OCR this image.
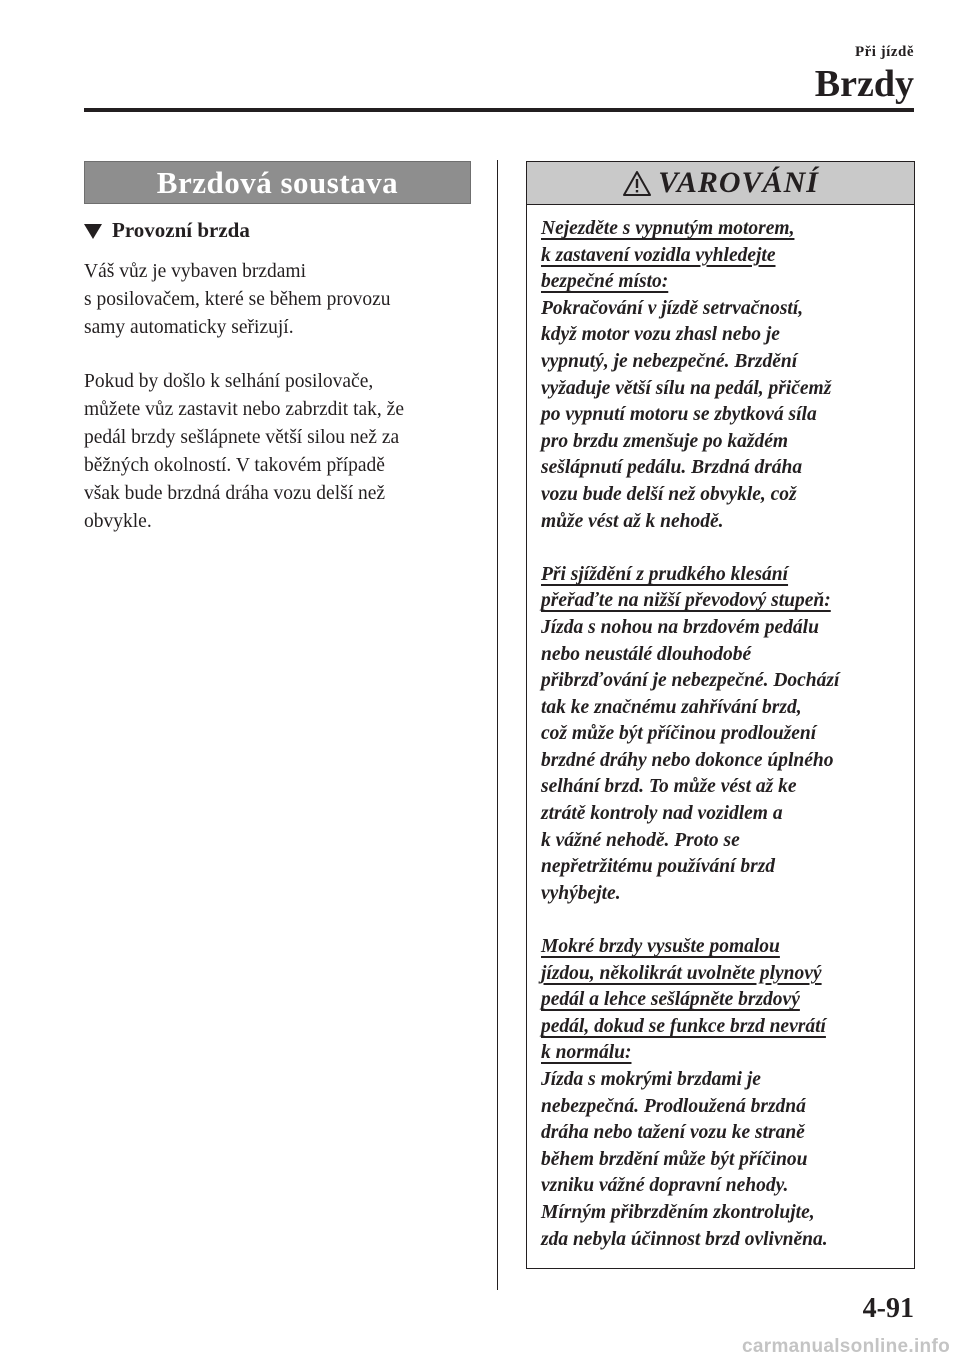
Při jízdě
Brzdy
Brzdová soustava
Provozní brzda
Váš vůz je vybaven brzdami
s posilovačem, které se během provozu
samy automaticky seřizují.
Pokud by došlo k selhání posilovače,
můžete vůz zastavit nebo zabrzdit tak, že
pedál brzdy sešlápnete větší silou než za
běžných okolností. V takovém případě
však bude brzdná dráha vozu delší než
obvykle.
VAROVÁNÍ
Nejezděte s vypnutým motorem,
k zastavení vozidla vyhledejte
bezpečné místo:
Pokračování v jízdě setrvačností,
když motor vozu zhasl nebo je
vypnutý, je nebezpečné. Brzdění
vyžaduje větší sílu na pedál, přičemž
po vypnutí motoru se zbytková síla
pro brzdu zmenšuje po každém
sešlápnutí pedálu. Brzdná dráha
vozu bude delší než obvykle, což
může vést až k nehodě.
Při sjíždění z prudkého klesání
přeřaďte na nižší převodový stupeň:
Jízda s nohou na brzdovém pedálu
nebo neustálé dlouhodobé
přibrzďování je nebezpečné. Dochází
tak ke značnému zahřívání brzd,
což může být příčinou prodloužení
brzdné dráhy nebo dokonce úplného
selhání brzd. To může vést až ke
ztrátě kontroly nad vozidlem a
k vážné nehodě. Proto se
nepřetržitému používání brzd
vyhýbejte.
Mokré brzdy vysušte pomalou
jízdou, několikrát uvolněte plynový
pedál a lehce sešlápněte brzdový
pedál, dokud se funkce brzd nevrátí
k normálu:
Jízda s mokrými brzdami je
nebezpečná. Prodloužená brzdná
dráha nebo tažení vozu ke straně
během brzdění může být příčinou
vzniku vážné dopravní nehody.
Mírným přibrzděním zkontrolujte,
zda nebyla účinnost brzd ovlivněna.
4-91
carmanualsonline.info
